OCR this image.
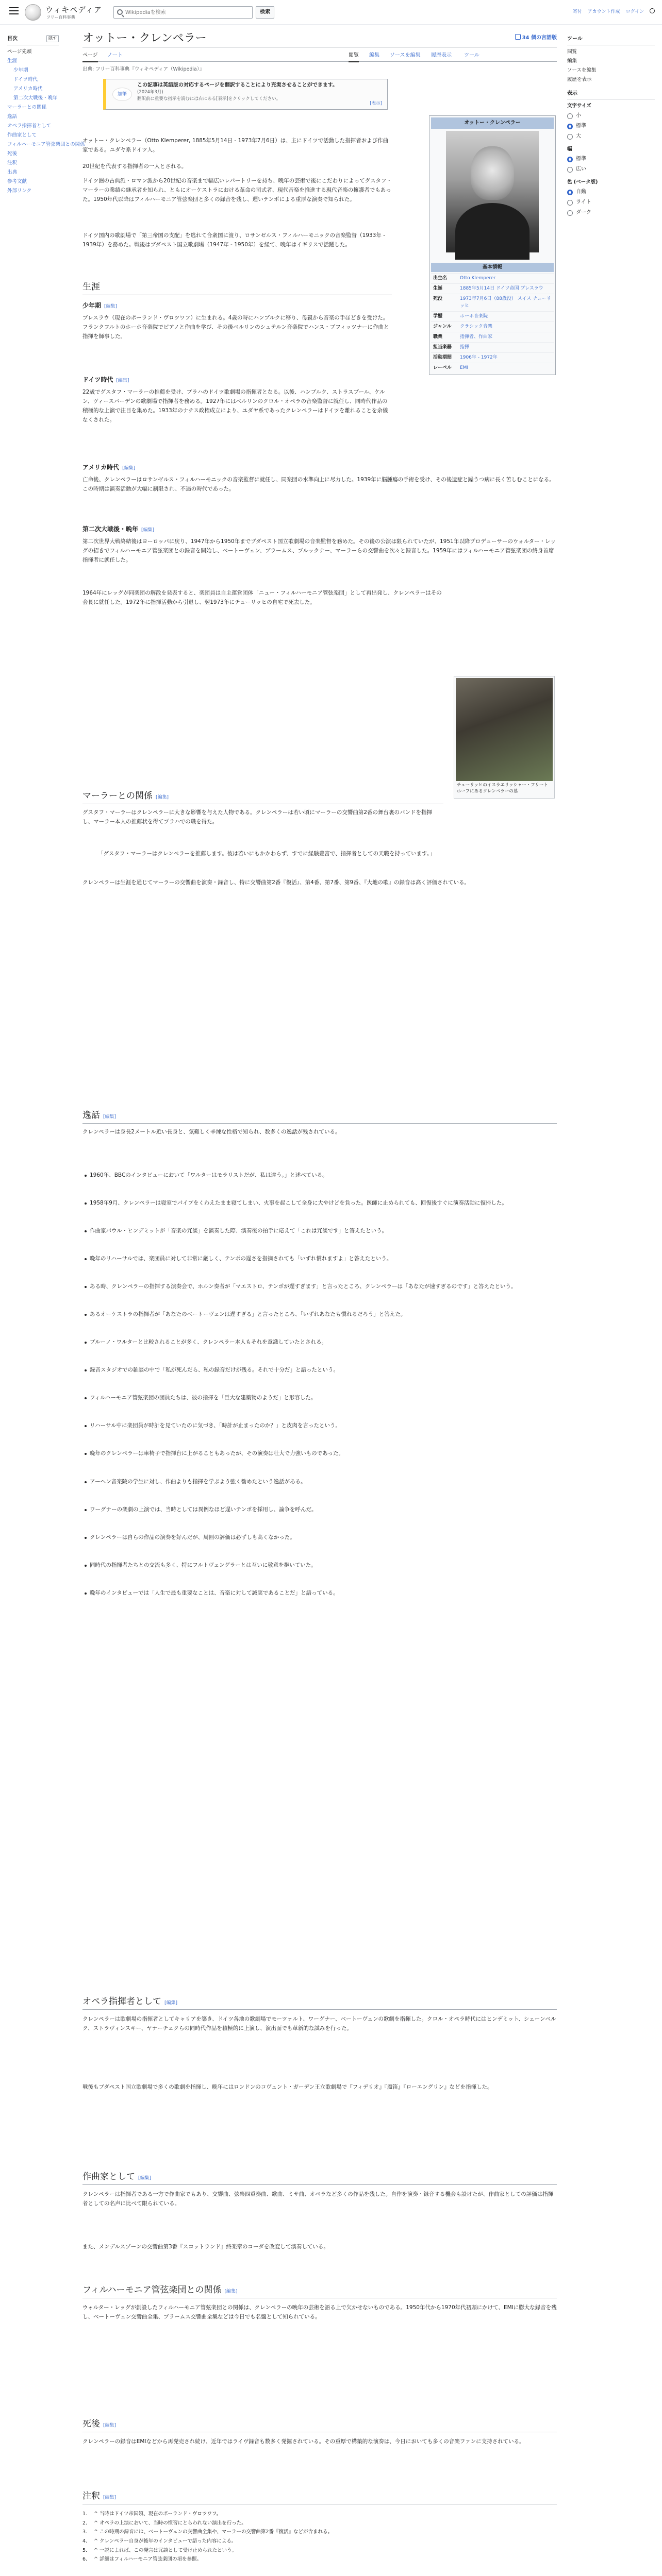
ウィキペディア
フリー百科事典
Wikipediaを検索
検索	寄付 アカウント作成 ログイン
目次	隠す
ページ先頭
生涯
少年期
ドイツ時代
アメリカ時代
第二次大戦後・晩年
マーラーとの関係
逸話
オペラ指揮者として
作曲家として
フィルハーモニア管弦楽団との関係
死後
注釈
出典
参考文献
外部リンク
ツール
閲覧
編集
ソースを編集
履歴を表示
表示
文字サイズ
小
標準
大
幅
標準
広い
色 (ベータ版)
自動
ライト
ダーク
オットー・クレンペラー	34 個の言語版
ページ ノート	閲覧 編集 ソースを編集 履歴表示 ツール
出典: フリー百科事典『ウィキペディア（Wikipedia）』
加筆
この記事は英語版の対応するページを翻訳することにより充実させることができます。
(2024年3月)
翻訳前に重要な指示を読むには右にある[表示]をクリックしてください。
[表示]
オットー・クレンペラー
基本情報
出生名	Otto Klemperer
生誕	1885年5月14日 ドイツ帝国 ブレスラウ
死没	1973年7月6日（88歳没） スイス チューリッヒ
学歴	ホーホ音楽院
ジャンル	クラシック音楽
職業	指揮者、作曲家
担当楽器	指揮
活動期間	1906年 - 1972年
レーベル	EMI
オットー・クレンペラー（Otto Klemperer, 1885年5月14日 - 1973年7月6日）は、主にドイツで活動した指揮者および作曲家である。ユダヤ系ドイツ人。
20世紀を代表する指揮者の一人とされる。
ドイツ圏の古典派・ロマン派から20世紀の音楽まで幅広いレパートリーを持ち、晩年の芸術で後にこだわりによってグスタフ・マーラーの業績の継承者を知られ、ともにオーケストラにおける革命の司式者、現代音楽を推進する現代音楽の擁護者でもあった。1950年代以降はフィルハーモニア管弦楽団と多くの録音を残し、遅いテンポによる重厚な演奏で知られた。
ドイツ国内の歌劇場で「第三帝国の支配」を逃れて合衆国に渡り、ロサンゼルス・フィルハーモニックの音楽監督（1933年 - 1939年）を務めた。戦後はブダペスト国立歌劇場（1947年 - 1950年）を経て、晩年はイギリスで活躍した。
生涯
少年期 [編集]
ブレスラウ（現在のポーランド・ヴロツワフ）に生まれる。4歳の時にハンブルクに移り、母親から音楽の手ほどきを受けた。フランクフルトのホーホ音楽院でピアノと作曲を学び、その後ベルリンのシュテルン音楽院でハンス・プフィッツナーに作曲と指揮を師事した。
ドイツ時代 [編集]
22歳でグスタフ・マーラーの推薦を受け、プラハのドイツ歌劇場の指揮者となる。以後、ハンブルク、ストラスブール、ケルン、ヴィースバーデンの歌劇場で指揮者を務める。1927年にはベルリンのクロル・オペラの音楽監督に就任し、同時代作品の積極的な上演で注目を集めた。1933年のナチス政権成立により、ユダヤ系であったクレンペラーはドイツを離れることを余儀なくされた。
アメリカ時代 [編集]
亡命後、クレンペラーはロサンゼルス・フィルハーモニックの音楽監督に就任し、同楽団の水準向上に尽力した。1939年に脳腫瘍の手術を受け、その後遺症と躁うつ病に長く苦しむことになる。この時期は演奏活動が大幅に制限され、不遇の時代であった。
第二次大戦後・晩年 [編集]
第二次世界大戦終結後はヨーロッパに戻り、1947年から1950年までブダペスト国立歌劇場の音楽監督を務めた。その後の公演は限られていたが、1951年以降プロデューサーのウォルター・レッグの招きでフィルハーモニア管弦楽団との録音を開始し、ベートーヴェン、ブラームス、ブルックナー、マーラーらの交響曲を次々と録音した。1959年にはフィルハーモニア管弦楽団の終身首席指揮者に就任した。
1964年にレッグが同楽団の解散を発表すると、楽団員は自主運営団体「ニュー・フィルハーモニア管弦楽団」として再出発し、クレンペラーはその会長に就任した。1972年に指揮活動から引退し、翌1973年にチューリッヒの自宅で死去した。
チューリッヒのイスラエリッシャー・フリートホーフにあるクレンペラーの墓
マーラーとの関係 [編集]
グスタフ・マーラーはクレンペラーに大きな影響を与えた人物である。クレンペラーは若い頃にマーラーの交響曲第2番の舞台裏のバンドを指揮し、マーラー本人の推薦状を得てプラハでの職を得た。
「グスタフ・マーラーはクレンペラーを推薦します。彼は若いにもかかわらず、すでに経験豊富で、指揮者としての天職を持っています。」
クレンペラーは生涯を通じてマーラーの交響曲を演奏・録音し、特に交響曲第2番『復活』、第4番、第7番、第9番、『大地の歌』の録音は高く評価されている。
逸話 [編集]
クレンペラーは身長2メートル近い長身と、気難しく辛辣な性格で知られ、数多くの逸話が残されている。
1960年、BBCのインタビューにおいて「ワルターはモラリストだが、私は違う。」と述べている。
1958年9月、クレンペラーは寝室でパイプをくわえたまま寝てしまい、火事を起こして全身に大やけどを負った。医師に止められても、回復後すぐに演奏活動に復帰した。
作曲家パウル・ヒンデミットが「音楽の冗談」を演奏した際、演奏後の拍手に応えて「これは冗談です」と答えたという。
晩年のリハーサルでは、楽団員に対して非常に厳しく、テンポの遅さを指摘されても「いずれ慣れますよ」と答えたという。
ある時、クレンペラーの指揮する演奏会で、ホルン奏者が「マエストロ、テンポが遅すぎます」と言ったところ、クレンペラーは「あなたが速すぎるのです」と答えたという。
あるオーケストラの指揮者が「あなたのベートーヴェンは遅すぎる」と言ったところ、「いずれあなたも慣れるだろう」と答えた。
ブルーノ・ワルターと比較されることが多く、クレンペラー本人もそれを意識していたとされる。
録音スタジオでの雑談の中で「私が死んだら、私の録音だけが残る。それで十分だ」と語ったという。
フィルハーモニア管弦楽団の団員たちは、彼の指揮を「巨大な建築物のようだ」と形容した。
リハーサル中に楽団員が時計を見ていたのに気づき、「時計が止まったのか？」と皮肉を言ったという。
晩年のクレンペラーは車椅子で指揮台に上がることもあったが、その演奏は壮大で力強いものであった。
アーヘン音楽院の学生に対し、作曲よりも指揮を学ぶよう強く勧めたという逸話がある。
ワーグナーの楽劇の上演では、当時としては異例なほど遅いテンポを採用し、論争を呼んだ。
クレンペラーは自らの作品の演奏を好んだが、周囲の評価は必ずしも高くなかった。
同時代の指揮者たちとの交流も多く、特にフルトヴェングラーとは互いに敬意を抱いていた。
晩年のインタビューでは「人生で最も重要なことは、音楽に対して誠実であることだ」と語っている。
オペラ指揮者として [編集]
クレンペラーは歌劇場の指揮者としてキャリアを築き、ドイツ各地の歌劇場でモーツァルト、ワーグナー、ベートーヴェンの歌劇を指揮した。クロル・オペラ時代にはヒンデミット、シェーンベルク、ストラヴィンスキー、ヤナーチェクらの同時代作品を積極的に上演し、演出面でも革新的な試みを行った。
戦後もブダペスト国立歌劇場で多くの歌劇を指揮し、晩年にはロンドンのコヴェント・ガーデン王立歌劇場で『フィデリオ』『魔笛』『ローエングリン』などを指揮した。
作曲家として [編集]
クレンペラーは指揮者である一方で作曲家でもあり、交響曲、弦楽四重奏曲、歌曲、ミサ曲、オペラなど多くの作品を残した。自作を演奏・録音する機会も設けたが、作曲家としての評価は指揮者としての名声に比べて限られている。
また、メンデルスゾーンの交響曲第3番『スコットランド』終楽章のコーダを改変して演奏している。
フィルハーモニア管弦楽団との関係 [編集]
ウォルター・レッグが創設したフィルハーモニア管弦楽団との関係は、クレンペラーの晩年の芸術を語る上で欠かせないものである。1950年代から1970年代初頭にかけて、EMIに膨大な録音を残し、ベートーヴェン交響曲全集、ブラームス交響曲全集などは今日でも名盤として知られている。
死後 [編集]
クレンペラーの録音はEMIなどから再発売され続け、近年ではライヴ録音も数多く発掘されている。その重厚で構築的な演奏は、今日においても多くの音楽ファンに支持されている。
注釈 [編集]
1. ^ 当時はドイツ帝国領、現在のポーランド・ヴロツワフ。
2. ^ オペラの上演において、当時の慣習にとらわれない演出を行った。
3. ^ この時期の録音には、ベートーヴェンの交響曲全集や、マーラーの交響曲第2番『復活』などが含まれる。
4. ^ クレンペラー自身が後年のインタビューで語った内容による。
5. ^ 一説によれば、この発言は冗談として受け止められたという。
6. ^ 詳細はフィルハーモニア管弦楽団の項を参照。
